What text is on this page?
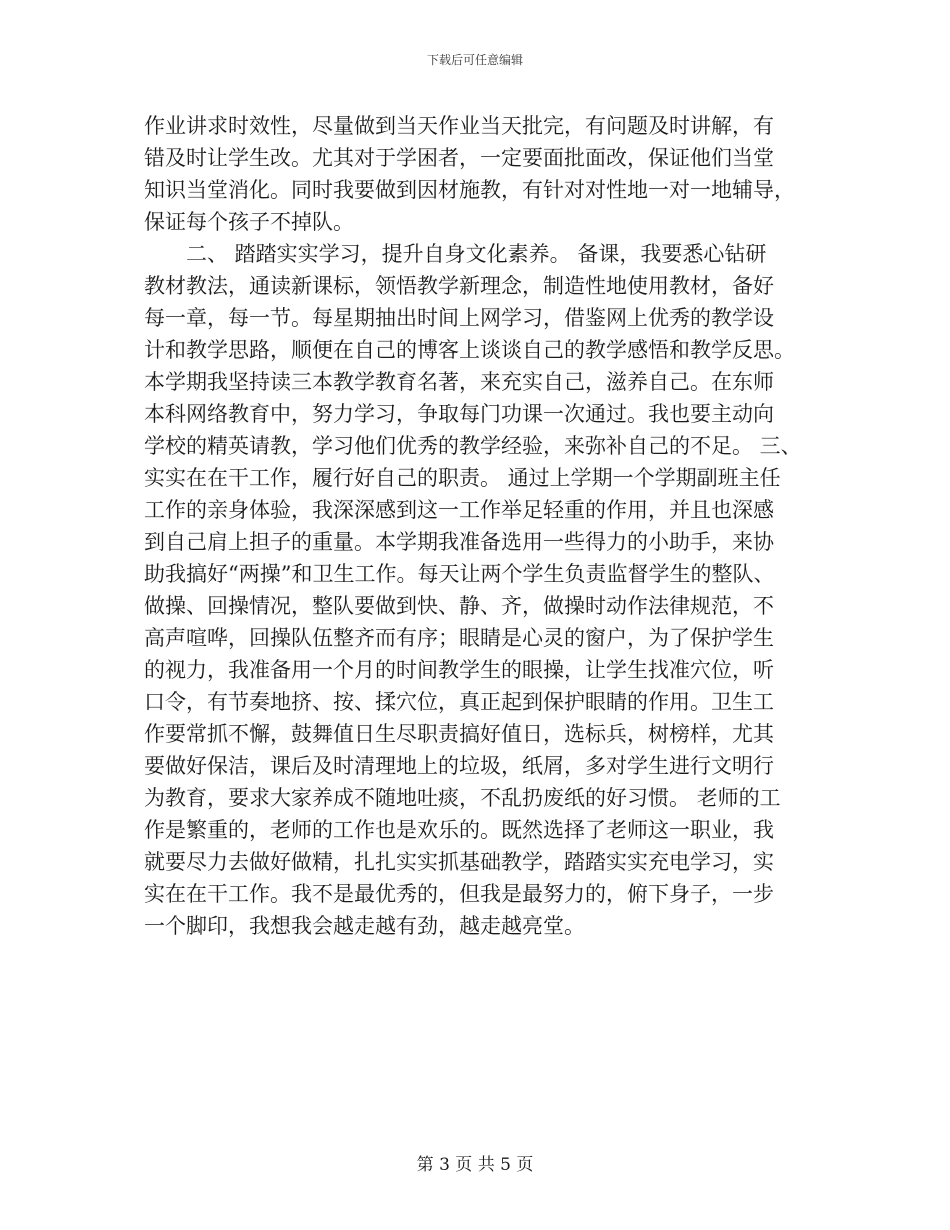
下载后可任意编辑
作业讲求时效性，尽量做到当天作业当天批完，有问题及时讲解，有
错及时让学生改。尤其对于学困者，一定要面批面改，保证他们当堂
知识当堂消化。同时我要做到因材施教，有针对对性地一对一地辅导，
保证每个孩子不掉队。
　　二、 踏踏实实学习，提升自身文化素养。 备课，我要悉心钻研
教材教法，通读新课标，领悟教学新理念，制造性地使用教材，备好
每一章，每一节。每星期抽出时间上网学习，借鉴网上优秀的教学设
计和教学思路，顺便在自己的博客上谈谈自己的教学感悟和教学反思。
本学期我坚持读三本教学教育名著，来充实自己，滋养自己。在东师
本科网络教育中，努力学习，争取每门功课一次通过。我也要主动向
学校的精英请教，学习他们优秀的教学经验，来弥补自己的不足。 三、
实实在在干工作，履行好自己的职责。 通过上学期一个学期副班主任
工作的亲身体验，我深深感到这一工作举足轻重的作用，并且也深感
到自己肩上担子的重量。本学期我准备选用一些得力的小助手，来协
助我搞好“两操”和卫生工作。每天让两个学生负责监督学生的整队、
做操、回操情况，整队要做到快、静、齐，做操时动作法律规范，不
高声喧哗，回操队伍整齐而有序；眼睛是心灵的窗户，为了保护学生
的视力，我准备用一个月的时间教学生的眼操，让学生找准穴位，听
口令，有节奏地挤、按、揉穴位，真正起到保护眼睛的作用。卫生工
作要常抓不懈，鼓舞值日生尽职责搞好值日，选标兵，树榜样，尤其
要做好保洁，课后及时清理地上的垃圾，纸屑，多对学生进行文明行
为教育，要求大家养成不随地吐痰，不乱扔废纸的好习惯。 老师的工
作是繁重的，老师的工作也是欢乐的。既然选择了老师这一职业，我
就要尽力去做好做精，扎扎实实抓基础教学，踏踏实实充电学习，实
实在在干工作。我不是最优秀的，但我是最努力的，俯下身子，一步
一个脚印，我想我会越走越有劲，越走越亮堂。
第 3 页 共 5 页
